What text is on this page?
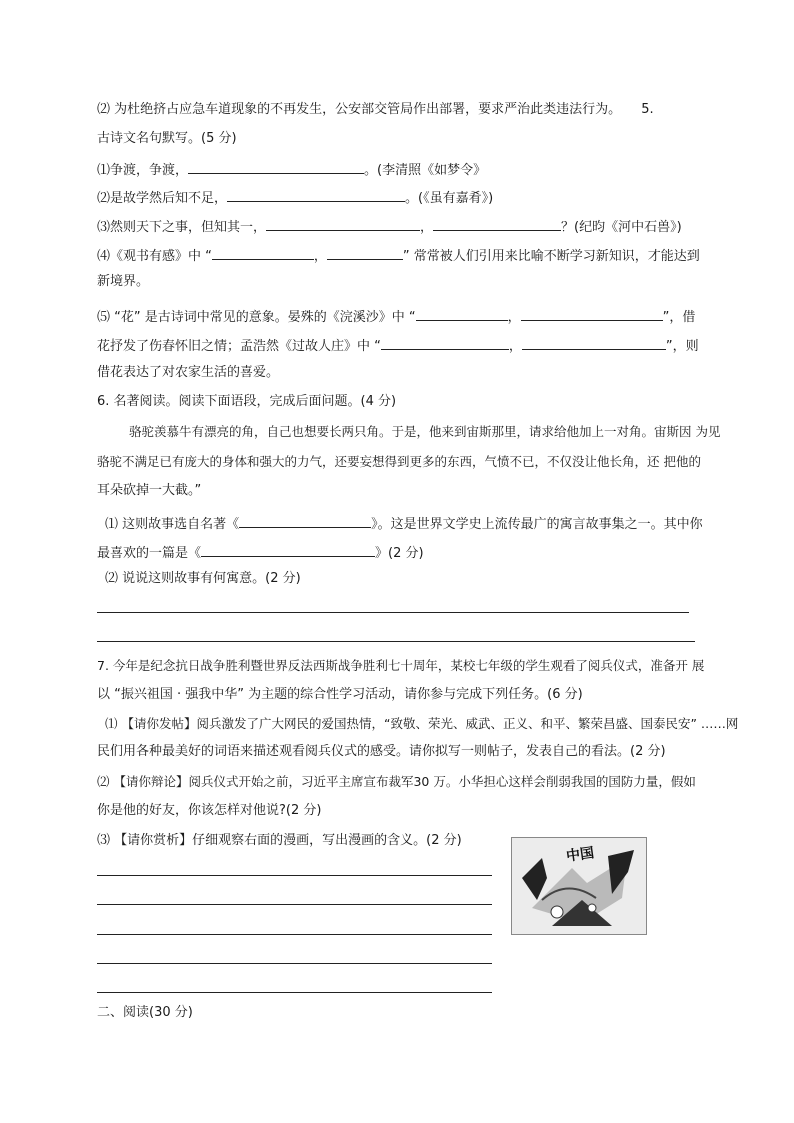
⑵ 为杜绝挤占应急车道现象的不再发生，公安部交管局作出部署，要求严治此类违法行为。 5.
古诗文名句默写。(5 分)
⑴争渡，争渡，	。(李清照《如梦令》
⑵是故学然后知不足，	。(《虽有嘉肴》)
⑶然则天下之事，但知其一，	，	？(纪昀《河中石兽》)
⑷《观书有感》中 “	，	” 常常被人们引用来比喻不断学习新知识，才能达到
新境界。
⑸ “花” 是古诗词中常见的意象。晏殊的《浣溪沙》中 “	，	”，借
花抒发了伤春怀旧之情；孟浩然《过故人庄》中 “	，	”，则
借花表达了对农家生活的喜爱。
6. 名著阅读。阅读下面语段，完成后面问题。(4 分)
骆驼羡慕牛有漂亮的角，自己也想要长两只角。于是，他来到宙斯那里，请求给他加上一对角。宙斯因 为见
骆驼不满足已有庞大的身体和强大的力气，还要妄想得到更多的东西，气愤不已，不仅没让他长角，还 把他的
耳朵砍掉一大截。”
⑴ 这则故事选自名著《	》。这是世界文学史上流传最广的寓言故事集之一。其中你
最喜欢的一篇是《	》(2 分)
⑵ 说说这则故事有何寓意。(2 分)
7. 今年是纪念抗日战争胜利暨世界反法西斯战争胜利七十周年，某校七年级的学生观看了阅兵仪式，准备开 展
以 “振兴祖国 · 强我中华” 为主题的综合性学习活动，请你参与完成下列任务。(6 分)
⑴ 【请你发帖】阅兵激发了广大网民的爱国热情，“致敬、荣光、威武、正义、和平、繁荣昌盛、国泰民安” ……网
民们用各种最美好的词语来描述观看阅兵仪式的感受。请你拟写一则帖子，发表自己的看法。(2 分)
⑵ 【请你辩论】阅兵仪式开始之前，习近平主席宣布裁军30 万。小华担心这样会削弱我国的国防力量，假如
你是他的好友，你该怎样对他说?(2 分)
⑶ 【请你赏析】仔细观察右面的漫画，写出漫画的含义。(2 分)
中国
二、阅读(30 分)
